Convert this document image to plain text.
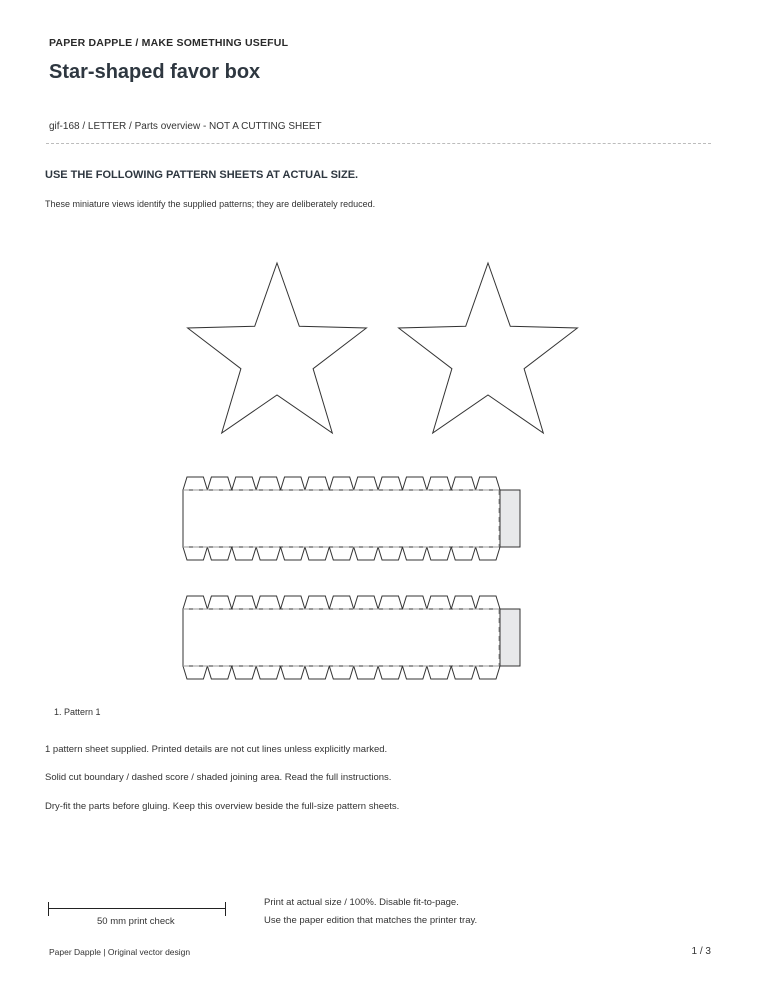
PAPER DAPPLE / MAKE SOMETHING USEFUL
Star-shaped favor box
gif-168 / LETTER / Parts overview - NOT A CUTTING SHEET
USE THE FOLLOWING PATTERN SHEETS AT ACTUAL SIZE.
These miniature views identify the supplied patterns; they are deliberately reduced.
1. Pattern 1
1 pattern sheet supplied. Printed details are not cut lines unless explicitly marked.
Solid cut boundary / dashed score / shaded joining area. Read the full instructions.
Dry-fit the parts before gluing. Keep this overview beside the full-size pattern sheets.
50 mm print check
Print at actual size / 100%. Disable fit-to-page.
Use the paper edition that matches the printer tray.
Paper Dapple | Original vector design	1 / 3
